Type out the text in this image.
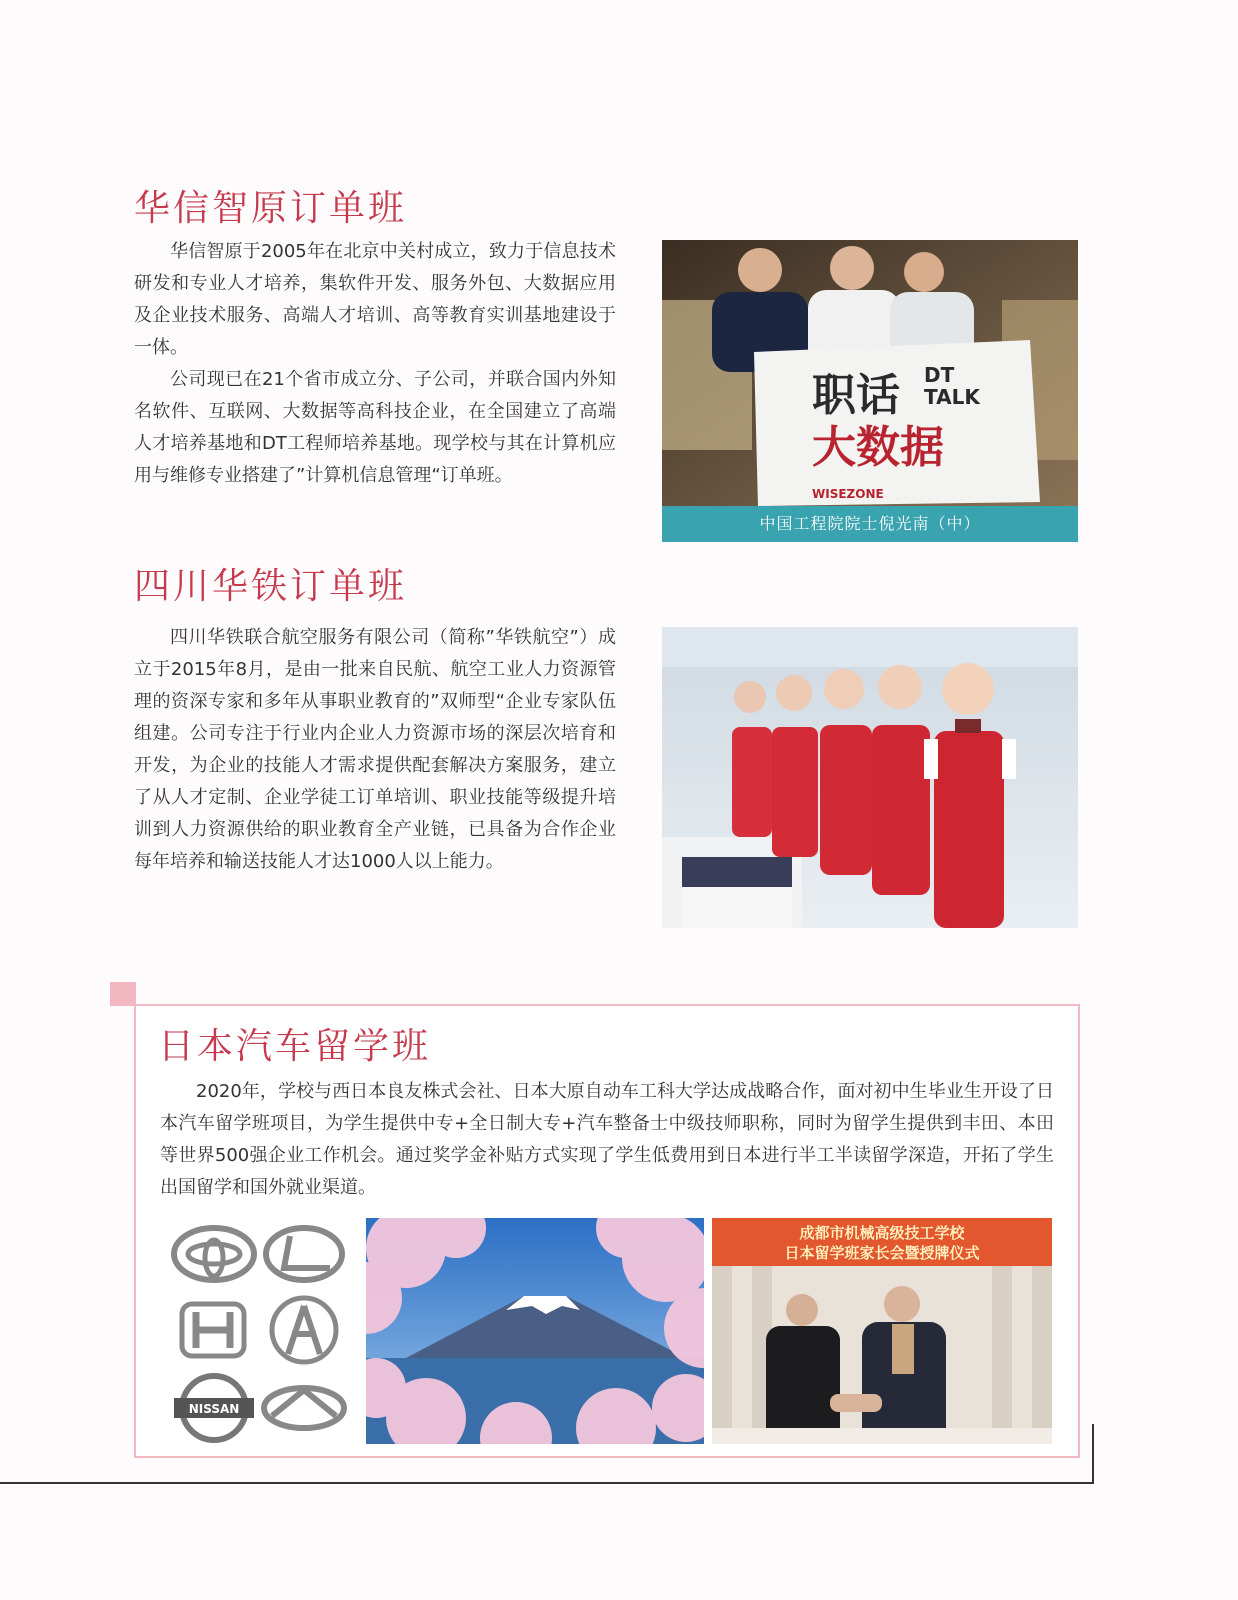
华信智原订单班

华信智原于2005年在北京中关村成立，致力于信息技术研发和专业人才培养，集软件开发、服务外包、大数据应用及企业技术服务、高端人才培训、高等教育实训基地建设于一体。

公司现已在21个省市成立分、子公司，并联合国内外知名软件、互联网、大数据等高科技企业，在全国建立了高端人才培养基地和DT工程师培养基地。现学校与其在计算机应用与维修专业搭建了”计算机信息管理“订单班。

职话 DT
TALK
大数据
WISEZONE
中国工程院院士倪光南（中）
四川华铁订单班

四川华铁联合航空服务有限公司（简称”华铁航空”）成立于2015年8月，是由一批来自民航、航空工业人力资源管理的资深专家和多年从事职业教育的”双师型“企业专家队伍组建。公司专注于行业内企业人力资源市场的深层次培育和开发，为企业的技能人才需求提供配套解决方案服务，建立了从人才定制、企业学徒工订单培训、职业技能等级提升培训到人力资源供给的职业教育全产业链，已具备为合作企业每年培养和输送技能人才达1000人以上能力。

日本汽车留学班

2020年，学校与西日本良友株式会社、日本大原自动车工科大学达成战略合作，面对初中生毕业生开设了日本汽车留学班项目，为学生提供中专+全日制大专+汽车整备士中级技师职称，同时为留学生提供到丰田、本田等世界500强企业工作机会。通过奖学金补贴方式实现了学生低费用到日本进行半工半读留学深造，开拓了学生出国留学和国外就业渠道。

NISSAN
成都市机械高级技工学校
日本留学班家长会暨授牌仪式
